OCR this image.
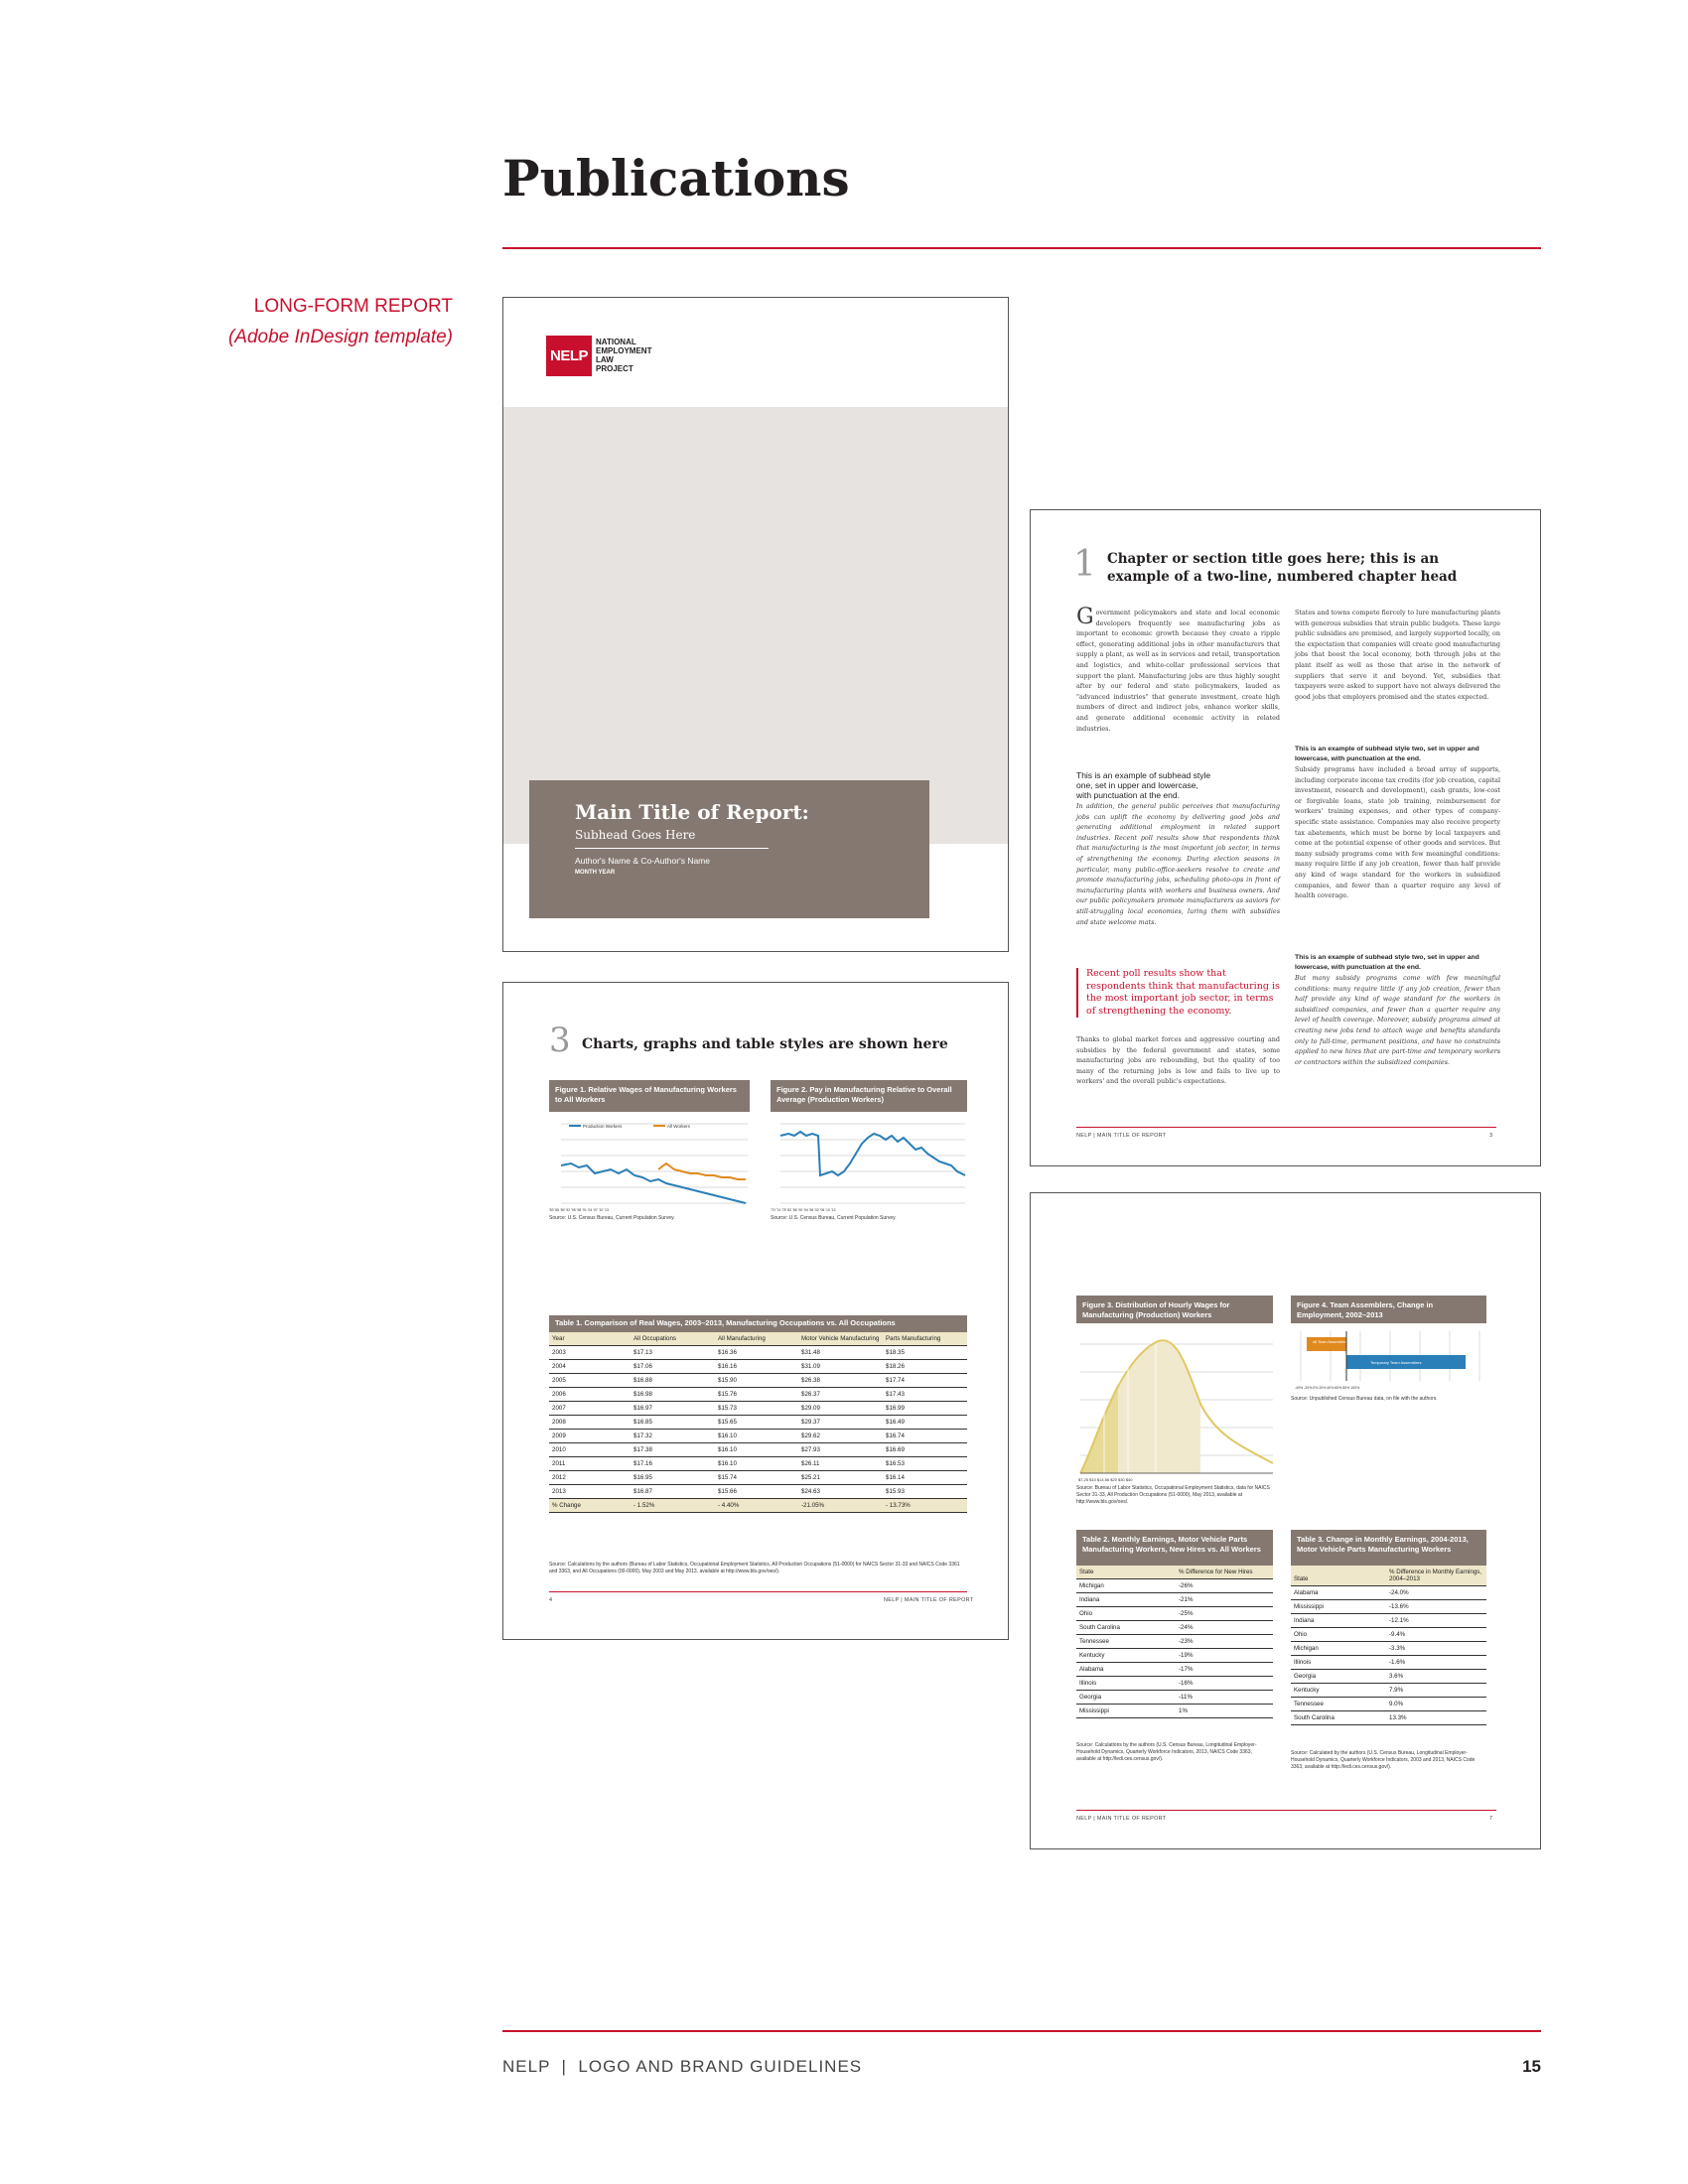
Publications
LONG-FORM REPORT
(Adobe InDesign template)
NELP
NATIONAL
EMPLOYMENT
LAW
PROJECT
Main Title of Report:
Subhead Goes Here
Author's Name & Co-Author's Name
MONTH YEAR
1 Chapter or section title goes here; this is an
example of a two-line, numbered chapter head
G overnment policymakers and state and local economic developers frequently see manufacturing jobs as important to economic growth because they create a ripple effect, generating additional jobs in other manufacturers that supply a plant, as well as in services and retail, transportation and logistics, and white-collar professional services that support the plant. Manufacturing jobs are thus highly sought after by our federal and state policymakers, lauded as "advanced industries" that generate investment, create high numbers of direct and indirect jobs, enhance worker skills, and generate additional economic activity in related industries.
This is an example of subhead style one, set in upper and lowercase, with punctuation at the end.
In addition, the general public perceives that manufacturing jobs can uplift the economy by delivering good jobs and generating additional employment in related support industries. Recent poll results show that respondents think that manufacturing is the most important job sector, in terms of strengthening the economy. During election seasons in particular, many public-office-seekers resolve to create and promote manufacturing jobs, scheduling photo-ops in front of manufacturing plants with workers and business owners. And our public policymakers promote manufacturers as saviors for still-struggling local economies, luring them with subsidies and state welcome mats.
Recent poll results show that respondents think that manufacturing is the most important job sector, in terms of strengthening the economy.
Thanks to global market forces and aggressive courting and subsidies by the federal government and states, some manufacturing jobs are rebounding, but the quality of too many of the returning jobs is low and fails to live up to workers' and the overall public's expectations.
States and towns compete fiercely to lure manufacturing plants with generous subsidies that strain public budgets. These large public subsidies are premised, and largely supported locally, on the expectation that companies will create good manufacturing jobs that boost the local economy, both through jobs at the plant itself as well as those that arise in the network of suppliers that serve it and beyond. Yet, subsidies that taxpayers were asked to support have not always delivered the good jobs that employers promised and the states expected.
This is an example of subhead style two, set in upper and lowercase, with punctuation at the end.
Subsidy programs have included a broad array of supports, including corporate income tax credits (for job creation, capital investment, research and development), cash grants, low-cost or forgivable loans, state job training, reimbursement for workers' training expenses, and other types of company-specific state assistance. Companies may also receive property tax abatements, which must be borne by local taxpayers and come at the potential expense of other goods and services. But many subsidy programs come with few meaningful conditions: many require little if any job creation, fewer than half provide any kind of wage standard for the workers in subsidized companies, and fewer than a quarter require any level of health coverage.
This is an example of subhead style two, set in upper and lowercase, with punctuation at the end.
But many subsidy programs come with few meaningful conditions: many require little if any job creation, fewer than half provide any kind of wage standard for the workers in subsidized companies, and fewer than a quarter require any level of health coverage. Moreover, subsidy programs aimed at creating new jobs tend to attach wage and benefits standards only to full-time, permanent positions, and have no constraints applied to new hires that are part-time and temporary workers or contractors within the subsidized companies.
NELP | MAIN TITLE OF REPORT	3
3 Charts, graphs and table styles are shown here
Figure 1. Relative Wages of Manufacturing Workers to All Workers
Production Workers	All Workers
'83 '86 '89 '92 '95 '98 '01 '04 '07 '10 '13
Source: U.S. Census Bureau, Current Population Survey.
Figure 2. Pay in Manufacturing Relative to Overall Average (Production Workers)
'70 '74 '78 '82 '86 '90 '94 '98 '02 '06 '10 '13
Source: U.S. Census Bureau, Current Population Survey.
Table 1. Comparison of Real Wages, 2003–2013, Manufacturing Occupations vs. All Occupations
Year	All Occupations	All Manufacturing	Motor Vehicle Manufacturing	Parts Manufacturing
2003	$17.13	$16.36	$31.48	$18.35
2004	$17.06	$16.16	$31.09	$18.26
2005	$16.88	$15.90	$26.38	$17.74
2006	$16.98	$15.76	$26.37	$17.43
2007	$16.97	$15.73	$29.09	$16.99
2008	$16.85	$15.65	$29.37	$16.49
2009	$17.32	$16.10	$29.62	$16.74
2010	$17.38	$16.10	$27.93	$16.69
2011	$17.16	$16.10	$26.11	$16.53
2012	$16.95	$15.74	$25.21	$16.14
2013	$16.87	$15.66	$24.63	$15.93
% Change	- 1.52%	- 4.40%	-21.05%	- 13.73%
Source: Calculations by the authors (Bureau of Labor Statistics, Occupational Employment Statistics, All Production Occupations (51-0000) for NAICS Sector 31-33 and NAICS Code 3361 and 3363, and All Occupations (00-0000), May 2003 and May 2013, available at http://www.bls.gov/oes/).
4	NELP | MAIN TITLE OF REPORT
Figure 3. Distribution of Hourly Wages for Manufacturing (Production) Workers
$7.25 $10 $14.56 $20 $30 $40
Source: Bureau of Labor Statistics, Occupational Employment Statistics, data for NAICS Sector 31-33, All Production Occupations (51-0000), May 2013, available at http://www.bls.gov/oes/.
Figure 4. Team Assemblers, Change in Employment, 2002–2013
All Team Assemblers
Temporary Team Assemblers
-40% -20% 0% 20% 40% 60% 80% 100%
Source: Unpublished Census Bureau data, on file with the authors.
Table 2. Monthly Earnings, Motor Vehicle Parts Manufacturing Workers, New Hires vs. All Workers
State	% Difference for New Hires
Michigan	-26%
Indiana	-21%
Ohio	-25%
South Carolina	-24%
Tennessee	-23%
Kentucky	-19%
Alabama	-17%
Illinois	-16%
Georgia	-11%
Mississippi	1%
Source: Calculations by the authors (U.S. Census Bureau, Longitudinal Employer-Household Dynamics, Quarterly Workforce Indicators, 2013, NAICS Code 3363, available at http://ledi.ces.census.gov/).
Table 3. Change in Monthly Earnings, 2004-2013, Motor Vehicle Parts Manufacturing Workers
State	% Difference in Monthly Earnings, 2004–2013
Alabama	-24.0%
Mississippi	-13.6%
Indiana	-12.1%
Ohio	-9.4%
Michigan	-3.3%
Illinois	-1.6%
Georgia	3.6%
Kentucky	7.9%
Tennessee	9.0%
South Carolina	13.3%
Source: Calculated by the authors (U.S. Census Bureau, Longitudinal Employer-Household Dynamics, Quarterly Workforce Indicators, 2003 and 2013, NAICS Code 3363, available at http://ledi.ces.census.gov/).
NELP | MAIN TITLE OF REPORT	7
NELP  |  LOGO AND BRAND GUIDELINES	15
